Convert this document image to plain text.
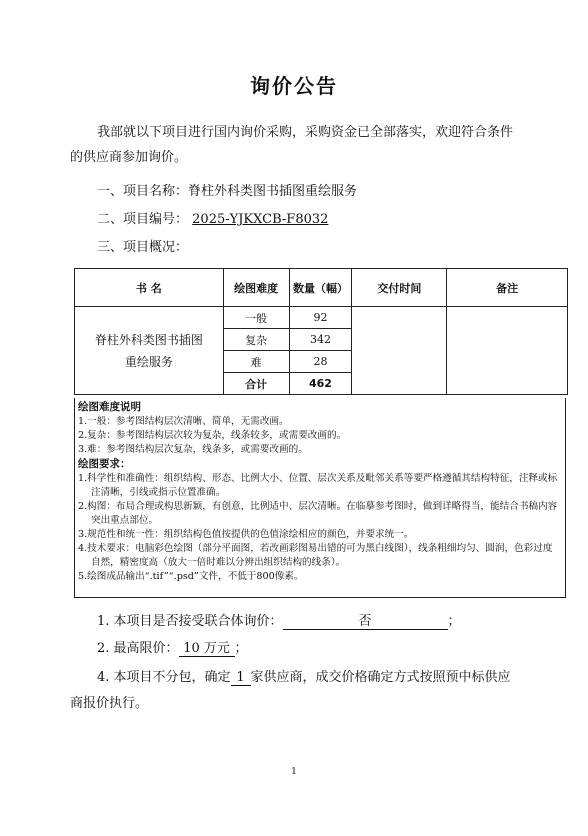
询价公告
我部就以下项目进行国内询价采购，采购资金已全部落实，欢迎符合条件的供应商参加询价。
一、项目名称：脊柱外科类图书插图重绘服务
二、项目编号： 2025-YJKXCB-F8032
三、项目概况：
书 名	绘图难度	数量（幅）	交付时间	备注

脊柱外科类图书插图
重绘服务	一般	92		
	复杂	342		
	难	28		
	合计	462		
绘图难度说明
1.一般：参考图结构层次清晰、简单，无需改画。
2.复杂：参考图结构层次较为复杂，线条较多，或需要改画的。
3.难：参考图结构层次复杂，线条多，或需要改画的。
绘图要求：
1.科学性和准确性：组织结构、形态、比例大小、位置、层次关系及毗邻关系等要严格遵循其结构特征，注释或标注清晰，引线或指示位置准确。
2.构图：布局合理或构思新颖，有创意，比例适中、层次清晰。在临摹参考图时，做到详略得当，能结合书稿内容突出重点部位。
3.规范性和统一性：组织结构色值按提供的色值涂绘相应的颜色，并要求统一。
4.技术要求：电脑彩色绘图（部分平面图，若改画彩图易出错的可为黑白线图），线条粗细均匀、圆润，色彩过度自然，精密度高（放大一倍时难以分辨出组织结构的线条）。
5.绘图成品输出“.tif”“.psd”文件，不低于800像素。
1. 本项目是否接受联合体询价：	否	；
2. 最高限价： 10 万元 ；
4. 本项目不分包，确定 1 家供应商，成交价格确定方式按照预中标供应
商报价执行。
1
